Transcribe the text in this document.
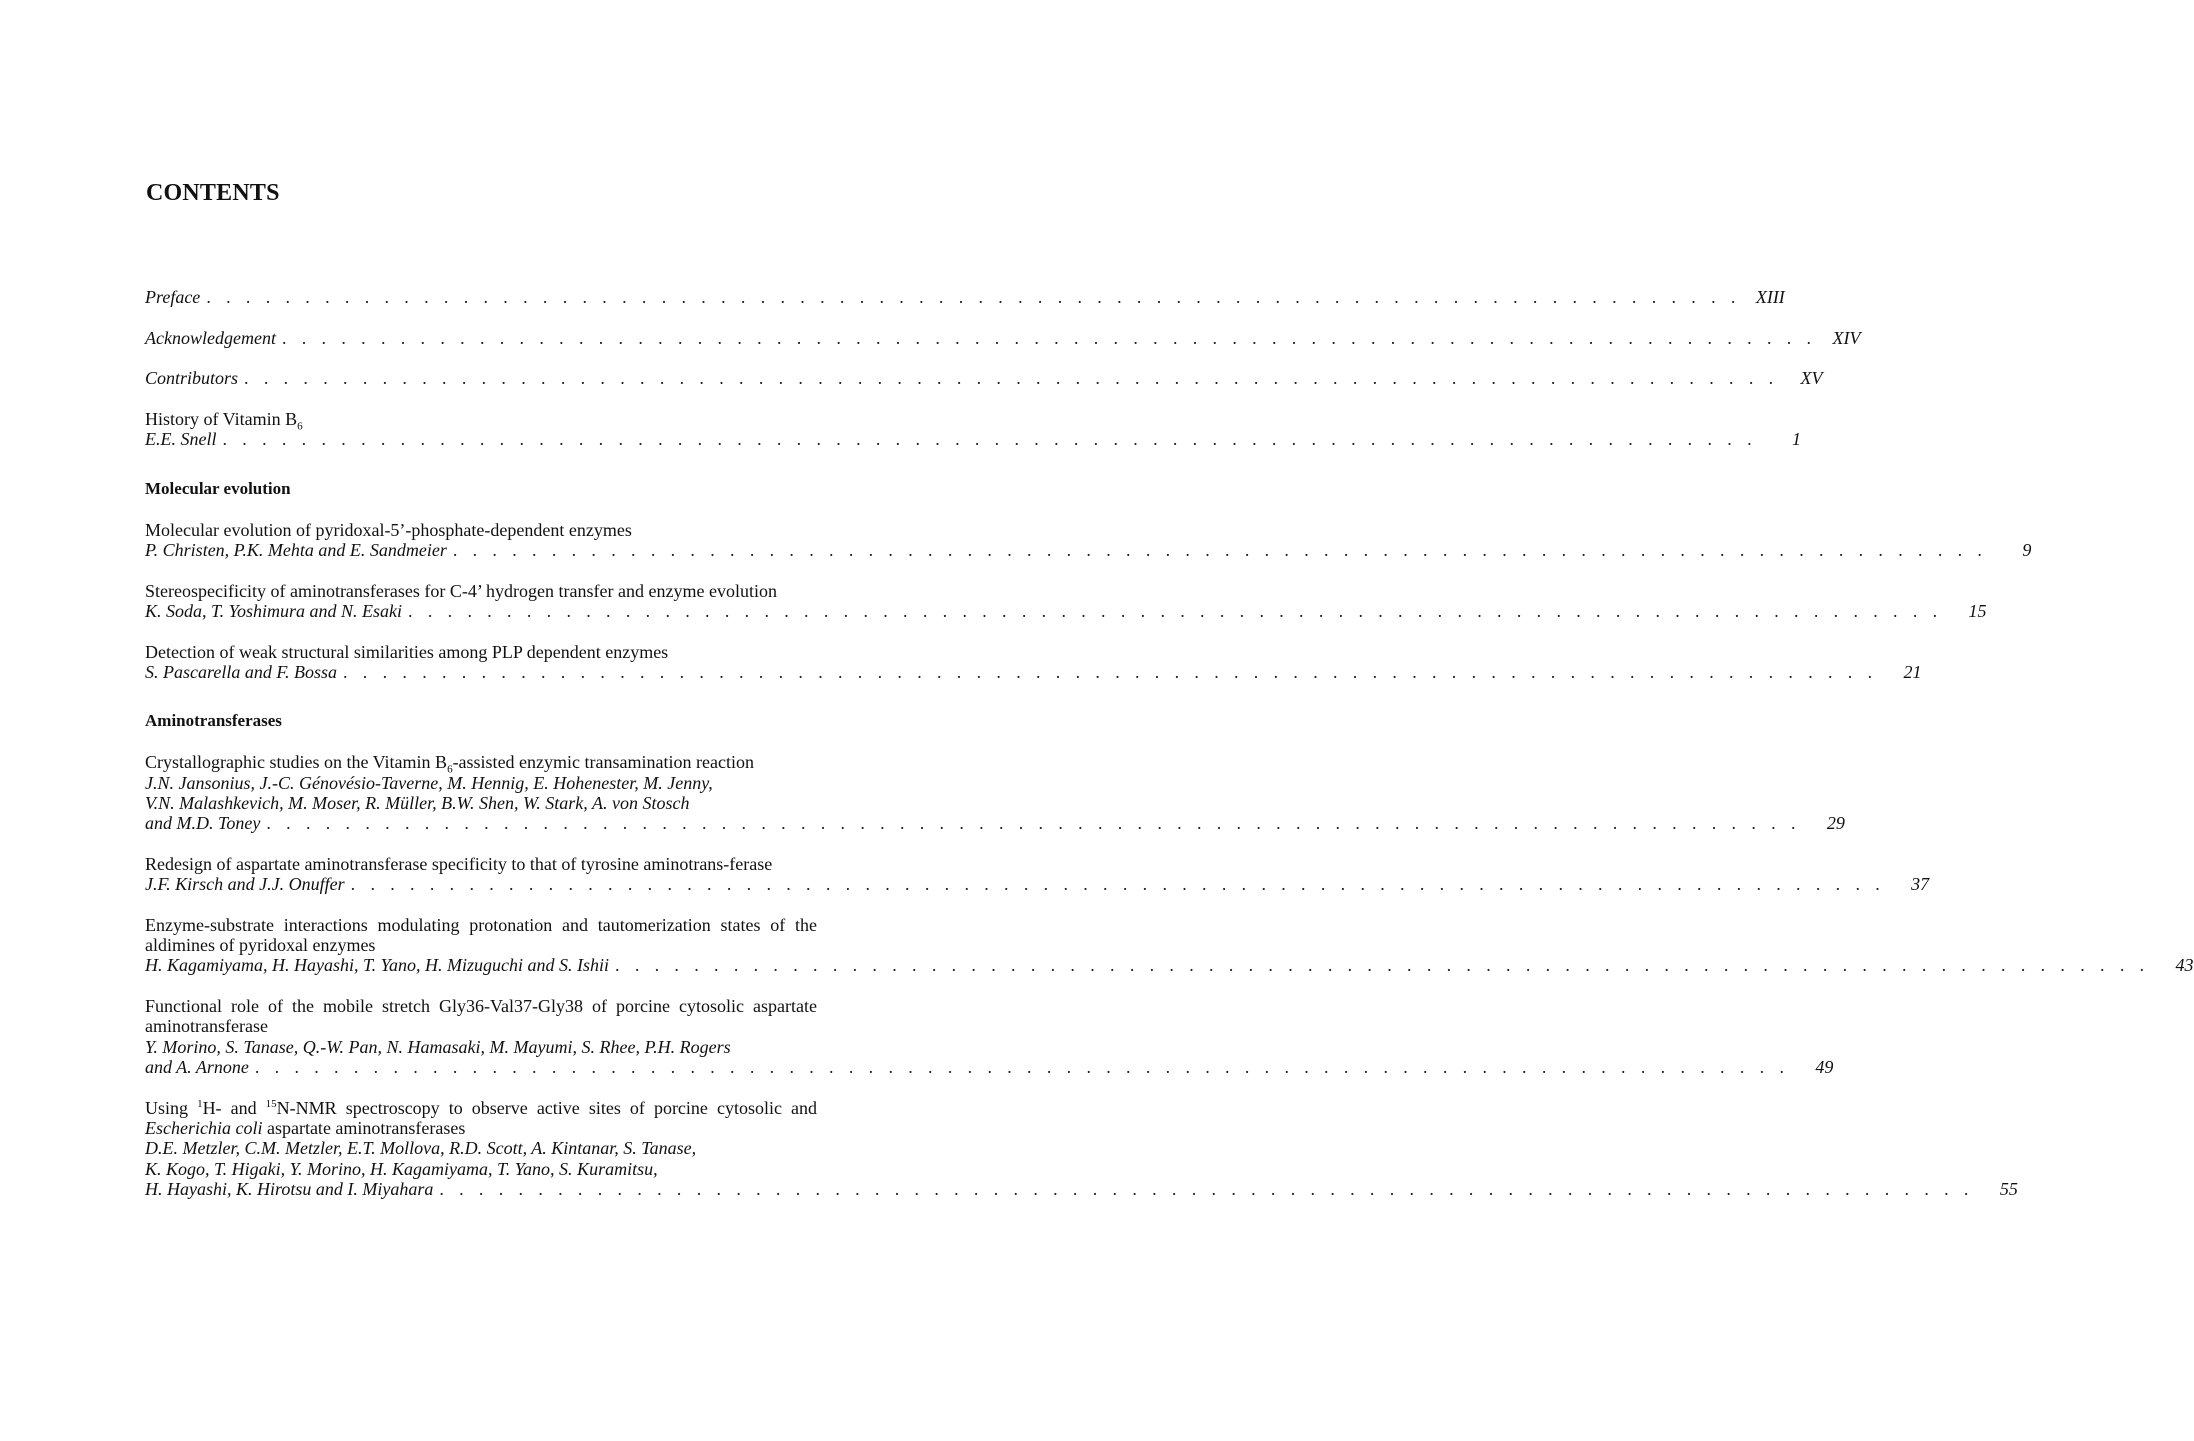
CONTENTS
Preface . . . . . . . . . . . . . . . . . . . . . . . . . . . . . . . . . . . . . . . . . . . . . . . . . . . . . . . . . . . . . . . . . . . . . . . . . . . . . . XIII
Acknowledgement . . . . . . . . . . . . . . . . . . . . . . . . . . . . . . . . . . . . . . . . . . . . . . . . . . . . . . . . . . . . . . . . . . . . . . . . . . . . . . XIV
Contributors . . . . . . . . . . . . . . . . . . . . . . . . . . . . . . . . . . . . . . . . . . . . . . . . . . . . . . . . . . . . . . . . . . . . . . . . . . . . . .	XV
History of Vitamin $B_6$
E.E. Snell . . . . . . . . . . . . . . . . . . . . . . . . . . . . . . . . . . . . . . . . . . . . . . . . . . . . . . . . . . . . . . . . . . . . . . . . . . . . . .	1
Molecular evolution
Molecular evolution of pyridoxal-5’-phosphate-dependent enzymes
P. Christen, P.K. Mehta and E. Sandmeier . . . . . . . . . . . . . . . . . . . . . . . . . . . . . . . . . . . . . . . . . . . . . . . . . . . . . . . . . . . . . . . . . . . . . . . . . . . . . .	9
Stereospecificity of aminotransferases for C-4’ hydrogen transfer and enzyme evolution
K. Soda, T. Yoshimura and N. Esaki . . . . . . . . . . . . . . . . . . . . . . . . . . . . . . . . . . . . . . . . . . . . . . . . . . . . . . . . . . . . . . . . . . . . . . . . . . . . . .	15
Detection of weak structural similarities among PLP dependent enzymes
S. Pascarella and F. Bossa . . . . . . . . . . . . . . . . . . . . . . . . . . . . . . . . . . . . . . . . . . . . . . . . . . . . . . . . . . . . . . . . . . . . . . . . . . . . . .	21
Aminotransferases
Crystallographic studies on the Vitamin $B_6$-assisted enzymic transamination reaction
J.N. Jansonius, J.-C. Génovésio-Taverne, M. Hennig, E. Hohenester, M. Jenny,
V.N. Malashkevich, M. Moser, R. Müller, B.W. Shen, W. Stark, A. von Stosch
and M.D. Toney . . . . . . . . . . . . . . . . . . . . . . . . . . . . . . . . . . . . . . . . . . . . . . . . . . . . . . . . . . . . . . . . . . . . . . . . . . . . . .	29
Redesign of aspartate aminotransferase specificity to that of tyrosine aminotrans-ferase
J.F. Kirsch and J.J. Onuffer . . . . . . . . . . . . . . . . . . . . . . . . . . . . . . . . . . . . . . . . . . . . . . . . . . . . . . . . . . . . . . . . . . . . . . . . . . . . . .	37
Enzyme-substrate interactions modulating protonation and tautomerization states of the aldimines of pyridoxal enzymes
H. Kagamiyama, H. Hayashi, T. Yano, H. Mizuguchi and S. Ishii . . . . . . . . . . . . . . . . . . . . . . . . . . . . . . . . . . . . . . . . . . . . . . . . . . . . . . . . . . . . . . . . . . . . . . . . . . . . . .	43
Functional role of the mobile stretch Gly36-Val37-Gly38 of porcine cytosolic aspartate aminotransferase
Y. Morino, S. Tanase, Q.-W. Pan, N. Hamasaki, M. Mayumi, S. Rhee, P.H. Rogers
and A. Arnone . . . . . . . . . . . . . . . . . . . . . . . . . . . . . . . . . . . . . . . . . . . . . . . . . . . . . . . . . . . . . . . . . . . . . . . . . . . . . .	49
Using $^1$H- and $^{15}$N-NMR spectroscopy to observe active sites of porcine cytosolic and Escherichia coli aspartate aminotransferases
D.E. Metzler, C.M. Metzler, E.T. Mollova, R.D. Scott, A. Kintanar, S. Tanase,
K. Kogo, T. Higaki, Y. Morino, H. Kagamiyama, T. Yano, S. Kuramitsu,
H. Hayashi, K. Hirotsu and I. Miyahara . . . . . . . . . . . . . . . . . . . . . . . . . . . . . . . . . . . . . . . . . . . . . . . . . . . . . . . . . . . . . . . . . . . . . . . . . . . . . .	55
